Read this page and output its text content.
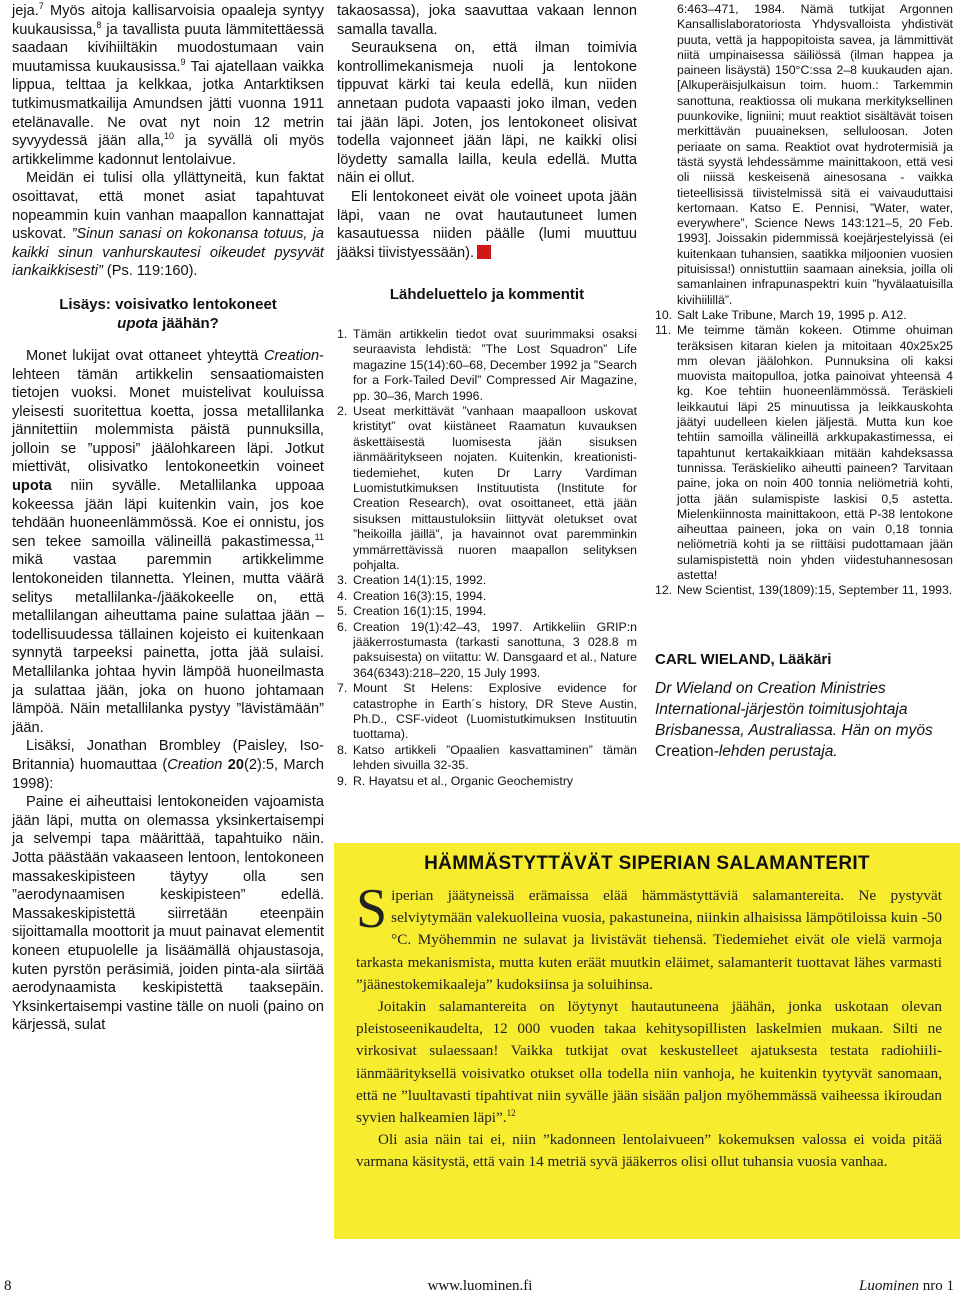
jeja.$^7$ Myös aitoja kallisarvoisia opaaleja syntyy kuukausissa,$^8$ ja tavallista puuta lämmitettäessä saadaan kivihiiltäkin muodostumaan vain muutamissa kuukausissa.$^9$ Tai ajatellaan vaikka lippua, telttaa ja kelkkaa, jotka Antarktiksen tutkimusmatkailija Amundsen jätti vuonna 1911 etelänavalle. Ne ovat nyt noin 12 metrin syvyydessä jään alla,$^{10}$ ja syvällä oli myös artikkelimme kadonnut lentolaivue.

Meidän ei tulisi olla yllättyneitä, kun faktat osoittavat, että monet asiat tapahtuvat nopeammin kuin vanhan maapallon kannattajat uskovat. ”Sinun sanasi on kokonansa totuus, ja kaikki sinun vanhurskautesi oikeudet pysyvät iankaikkisesti” (Ps. 119:160).

Lisäys: voisivatko lentokoneet
upota jäähän?

Monet lukijat ovat ottaneet yhteyttä Creation-lehteen tämän artikkelin sensaatiomaisten tietojen vuoksi. Monet muistelivat kouluissa yleisesti suoritettua koetta, jossa metallilanka jännitettiin molemmista päistä punnuksilla, jolloin se ”upposi” jäälohkareen läpi. Jotkut miettivät, olisivatko lentokoneetkin voineet upota niin syvälle. Metallilanka uppoaa kokeessa jään läpi kuitenkin vain, jos koe tehdään huoneenlämmössä. Koe ei onnistu, jos sen tekee samoilla välineillä pakastimessa,$^{11}$ mikä vastaa paremmin artikkelimme lentokoneiden tilannetta. Yleinen, mutta väärä selitys metallilanka-/jääkokeelle on, että metallilangan aiheuttama paine sulattaa jään – todellisuudessa tällainen kojeisto ei kuitenkaan synnytä tarpeeksi painetta, jotta jää sulaisi. Metallilanka johtaa hyvin lämpöä huoneilmasta ja sulattaa jään, joka on huono johtamaan lämpöä. Näin metallilanka pystyy ”lävistämään” jään.

Lisäksi, Jonathan Brombley (Paisley, Iso-Britannia) huomauttaa (Creation 20(2):5, March 1998):

Paine ei aiheuttaisi lentokoneiden vajoamista jään läpi, mutta on olemassa yksinkertaisempi ja selvempi tapa määrittää, tapahtuiko näin. Jotta päästään vakaaseen lentoon, lentokoneen massakeskipisteen täytyy olla sen ”aerodynaamisen keskipisteen” edellä. Massakeskipistettä siirretään eteenpäin sijoittamalla moottorit ja muut painavat elementit koneen etupuolelle ja lisäämällä ohjaustasoja, kuten pyrstön peräsimiä, joiden pinta-ala siirtää aerodynaamista keskipistettä taaksepäin. Yksinkertaisempi vastine tälle on nuoli (paino on kärjessä, sulat

takaosassa), joka saavuttaa vakaan lennon samalla tavalla.

Seurauksena on, että ilman toimivia kontrollimekanismeja nuoli ja lentokone tippuvat kärki tai keula edellä, kun niiden annetaan pudota vapaasti joko ilman, veden tai jään läpi. Joten, jos lentokoneet olisivat todella vajonneet jään läpi, ne kaikki olisi löydetty samalla lailla, keula edellä. Mutta näin ei ollut.

Eli lentokoneet eivät ole voineet upota jään läpi, vaan ne ovat hautautuneet lumen kasautuessa niiden päälle (lumi muuttuu jääksi tiivistyessään).

Lähdeluettelo ja kommentit
1. Tämän artikkelin tiedot ovat suurimmaksi osaksi seuraavista lehdistä: ”The Lost Squadron” Life magazine 15(14):60–68, December 1992 ja ”Search for a Fork-Tailed Devil” Compressed Air Magazine, pp. 30–36, March 1996.
2. Useat merkittävät ”vanhaan maapalloon uskovat kristityt” ovat kiistäneet Raamatun kuvauksen äskettäisestä luomisesta jään sisuksen iänmääritykseen nojaten. Kuitenkin, kreationisti-tiedemiehet, kuten Dr Larry Vardiman Luomistutkimuksen Instituutista (Institute for Creation Research), ovat osoittaneet, että jään sisuksen mittaustuloksiin liittyvät oletukset ovat ”heikoilla jäillä”, ja havainnot ovat paremminkin ymmärrettävissä nuoren maapallon selityksen pohjalta.
3. Creation 14(1):15, 1992.
4. Creation 16(3):15, 1994.
5. Creation 16(1):15, 1994.
6. Creation 19(1):42–43, 1997. Artikkeliin GRIP:n jääkerrostumasta (tarkasti sanottuna, 3 028.8 m paksuisesta) on viitattu: W. Dansgaard et al., Nature 364(6343):218–220, 15 July 1993.
7. Mount St Helens: Explosive evidence for catastrophe in Earth´s history, DR Steve Austin, Ph.D., CSF-videot (Luomistutkimuksen Instituutin tuottama).
8. Katso artikkeli ”Opaalien kasvattaminen” tämän lehden sivuilla 32-35.
9. R. Hayatsu et al., Organic Geochemistry

6:463–471, 1984. Nämä tutkijat Argonnen Kansallislaboratoriosta Yhdysvalloista yhdistivät puuta, vettä ja happopitoista savea, ja lämmittivät niitä umpinaisessa säiliössä (ilman happea ja paineen lisäystä) 150°C:ssa 2–8 kuukauden ajan. [Alkuperäisjulkaisun toim. huom.: Tarkemmin sanottuna, reaktiossa oli mukana merkityksellinen puunkovike, ligniini; muut reaktiot sisältävät toisen merkittävän puuaineksen, selluloosan. Joten periaate on sama. Reaktiot ovat hydrotermisiä ja tästä syystä lehdessämme mainittakoon, että vesi oli niissä keskeisenä ainesosana - vaikka tieteellisissä tiivistelmissä sitä ei vaivauduttaisi kertomaan. Katso E. Pennisi, ”Water, water, everywhere”, Science News 143:121–5, 20 Feb. 1993]. Joissakin pidemmissä koejärjestelyissä (ei kuitenkaan tuhansien, saatikka miljoonien vuosien pituisissa!) onnistuttiin saamaan aineksia, joilla oli samanlainen infrapunaspektri kuin ”hyvälaatuisilla kivihiilillä”.

10. Salt Lake Tribune, March 19, 1995 p. A12.
11. Me teimme tämän kokeen. Otimme ohuiman teräksisen kitaran kielen ja mitoitaan 40x25x25 mm olevan jäälohkon. Punnuksina oli kaksi muovista maitopulloa, jotka painoivat yhteensä 4 kg. Koe tehtiin huoneenlämmössä. Teräskieli leikkautui läpi 25 minuutissa ja leikkauskohta jäätyi uudelleen kielen jäljestä. Mutta kun koe tehtiin samoilla välineillä arkkupakastimessa, ei tapahtunut kertakaikkiaan mitään kahdeksassa tunnissa. Teräskieliko aiheutti paineen? Tarvitaan paine, joka on noin 400 tonnia neliömetriä kohti, jotta jään sulamispiste laskisi 0,5 astetta. Mielenkiinnosta mainittakoon, että P-38 lentokone aiheuttaa paineen, joka on vain 0,18 tonnia neliömetriä kohti ja se riittäisi pudottamaan jään sulamispistettä noin yhden viidestuhannesosan astetta!
12. New Scientist, 139(1809):15, September 11, 1993.
CARL WIELAND, Lääkäri
Dr Wieland on Creation Ministries International-järjestön toimitusjohtaja Brisbanessa, Australiassa. Hän on myös Creation-lehden perustaja.
HÄMMÄSTYTTÄVÄT SIPERIAN SALAMANTERIT

Siperian jäätyneissä erämaissa elää hämmästyttäviä salamantereita. Ne pystyvät selviytymään valekuolleina vuosia, pakastuneina, niinkin alhaisissa lämpötiloissa kuin -50 °C. Myöhemmin ne sulavat ja livistävät tiehensä. Tiedemiehet eivät ole vielä varmoja tarkasta mekanismista, mutta kuten eräät muutkin eläimet, salamanterit tuottavat lähes varmasti ”jäänestokemikaaleja” kudoksiinsa ja soluihinsa.

Joitakin salamantereita on löytynyt hautautuneena jäähän, jonka uskotaan olevan pleistoseenikaudelta, 12 000 vuoden takaa kehitysopillisten laskelmien mukaan. Silti ne virkosivat sulaessaan! Vaikka tutkijat ovat keskustelleet ajatuksesta testata radiohiili-iänmäärityksellä voisivatko otukset olla todella niin vanhoja, he kuitenkin tyytyvät sanomaan, että ne ”luultavasti tipahtivat niin syvälle jään sisään paljon myöhemmässä vaiheessa ikiroudan syvien halkeamien läpi”.$^{12}$

Oli asia näin tai ei, niin ”kadonneen lentolaivueen” kokemuksen valossa ei voida pitää varmana käsitystä, että vain 14 metriä syvä jääkerros olisi ollut tuhansia vuosia vanhaa.

8	www.luominen.fi	Luominen nro 1
